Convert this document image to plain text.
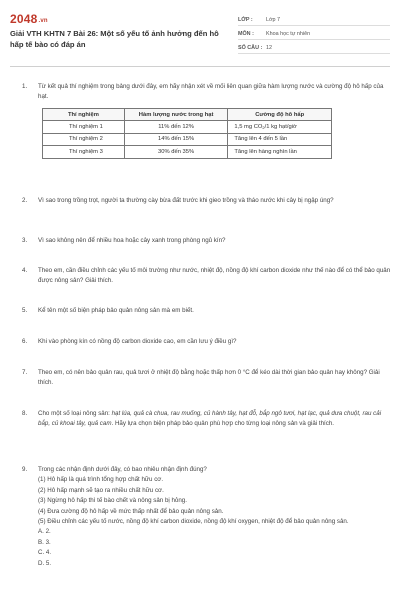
2048.vn
Giải VTH KHTN 7 Bài 26: Một số yếu tố ảnh hưởng đến hô hấp tế bào có đáp án
LỚP :	Lớp 7
MÔN :	Khoa học tự nhiên
SỐ CÂU : 12
1. Từ kết quả thí nghiệm trong bảng dưới đây, em hãy nhận xét về mối liên quan giữa hàm lượng nước và cường độ hô hấp của hạt.
Thí nghiệm	Hàm lượng nước trong hạt	Cường độ hô hấp
Thí nghiệm 1	11% đến 12%	1,5 mg $CO_2/1$ kg hạt/giờ
Thí nghiệm 2	14% đến 15%	Tăng lên 4 đến 5 lần
Thí nghiệm 3	30% đến 35%	Tăng lên hàng nghìn lần
2. Vì sao trong trồng trọt, người ta thường cày bừa đất trước khi gieo trồng và tháo nước khi cây bị ngập úng?
3. Vì sao không nên để nhiều hoa hoặc cây xanh trong phòng ngủ kín?
4. Theo em, cần điều chỉnh các yếu tố môi trường như nước, nhiệt độ, nồng độ khí carbon dioxide như thế nào để có thể bảo quản được nông sản? Giải thích.
5. Kể tên một số biện pháp bảo quản nông sản mà em biết.
6. Khi vào phòng kín có nồng độ carbon dioxide cao, em cần lưu ý điều gì?
7. Theo em, có nên bảo quản rau, quả tươi ở nhiệt độ bằng hoặc thấp hơn 0 °C để kéo dài thời gian bảo quản hay không? Giải thích.
8. Cho một số loại nông sản: hạt lúa, quả cà chua, rau muống, củ hành tây, hạt đỗ, bắp ngô tươi, hạt lạc, quả dưa chuột, rau cải bắp, củ khoai tây, quả cam. Hãy lựa chọn biện pháp bảo quản phù hợp cho từng loại nông sản và giải thích.
9. Trong các nhận định dưới đây, có bao nhiêu nhận định đúng?
(1) Hô hấp là quá trình tổng hợp chất hữu cơ.
(2) Hô hấp mạnh sẽ tạo ra nhiều chất hữu cơ.
(3) Ngừng hô hấp thì tế bào chết và nông sản bị hỏng.
(4) Đưa cường độ hô hấp về mức thấp nhất để bảo quản nông sản.
(5) Điều chỉnh các yếu tố nước, nồng độ khí carbon dioxide, nồng độ khí oxygen, nhiệt độ để bảo quản nông sản.
A. 2.
B. 3.
C. 4.
D. 5.
